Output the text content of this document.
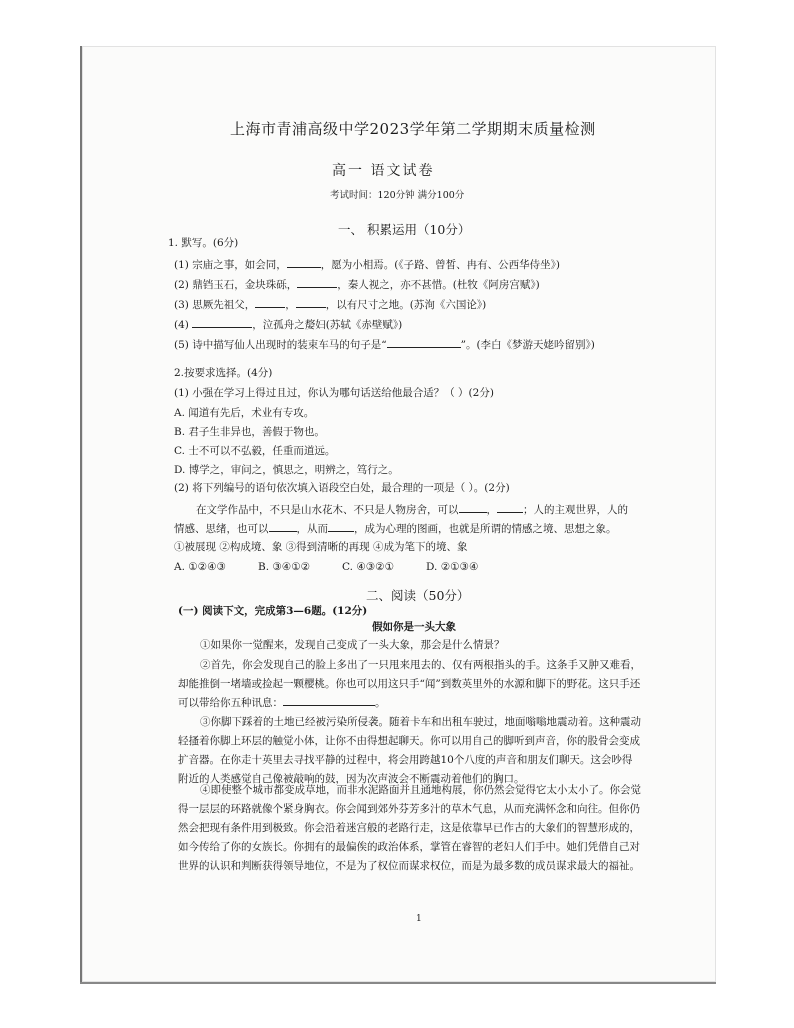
上海市青浦高级中学2023学年第二学期期末质量检测
高一 语文试卷
考试时间：120分钟 满分100分
一、 积累运用（10分）
1. 默写。(6分)
(1) 宗庙之事，如会同，	，愿为小相焉。(《子路、曾皙、冉有、公西华侍坐》)
(2) 鼎铛玉石，金块珠砾，	，秦人视之，亦不甚惜。(杜牧《阿房宫赋》)
(3) 思厥先祖父，	，	，以有尺寸之地。(苏洵《六国论》)
(4)	，泣孤舟之嫠妇(苏轼《赤壁赋》)
(5) 诗中描写仙人出现时的装束车马的句子是“	”。(李白《梦游天姥吟留别》)
2.按要求选择。(4分)
(1) 小强在学习上得过且过，你认为哪句话送给他最合适？（ ）(2分)
A. 闻道有先后，术业有专攻。
B. 君子生非异也，善假于物也。
C. 士不可以不弘毅，任重而道远。
D. 博学之，审问之，慎思之，明辨之，笃行之。
(2) 将下列编号的语句依次填入语段空白处，最合理的一项是（ ）。(2分)
在文学作品中，不只是山水花木、不只是人物房舍，可以	， ；人的主观世界，人的
情感、思绪，也可以	，从而 ，成为心理的图画，也就是所谓的情感之境、思想之象。
①被展现 ②构成境、象 ③得到清晰的再现 ④成为笔下的境、象
A. ①②④③	B. ③④①②	C. ④③②①	D. ②①③④
二、阅读（50分）
(一) 阅读下文，完成第3—6题。(12分)
假如你是一头大象
①如果你一觉醒来，发现自己变成了一头大象，那会是什么情景？
②首先，你会发现自己的脸上多出了一只甩来甩去的、仅有两根指头的手。这条手又肿又难看，却能推倒一堵墙或捡起一颗樱桃。你也可以用这只手“闻”到数英里外的水源和脚下的野花。这只手还可以带给你五种讯息：	。
③你脚下踩着的土地已经被污染所侵袭。随着卡车和出租车驶过，地面嗡嗡地震动着。这种震动轻搔着你脚上环层的触觉小体，让你不由得想起聊天。你可以用自己的脚听到声音，你的股骨会变成扩音器。在你走十英里去寻找平静的过程中，将会用跨越10个八度的声音和朋友们聊天。这会吵得附近的人类感觉自己像被敲响的鼓，因为次声波会不断震动着他们的胸口。
④即使整个城市都变成草地，而非水泥路面并且通地构展，你仍然会觉得它太小太小了。你会觉得一层层的环路就像个紧身胸衣。你会闻到郊外芬芳多汁的草木气息，从而充满怀念和向往。但你仍然会把现有条件用到极致。你会沿着迷宫般的老路行走，这是依靠早已作古的大象们的智慧形成的，如今传给了你的女族长。你拥有的最偏俟的政治体系，掌管在睿智的老妇人们手中。她们凭借自己对世界的认识和判断获得领导地位，不是为了权位而谋求权位，而是为最多数的成员谋求最大的福祉。
1
